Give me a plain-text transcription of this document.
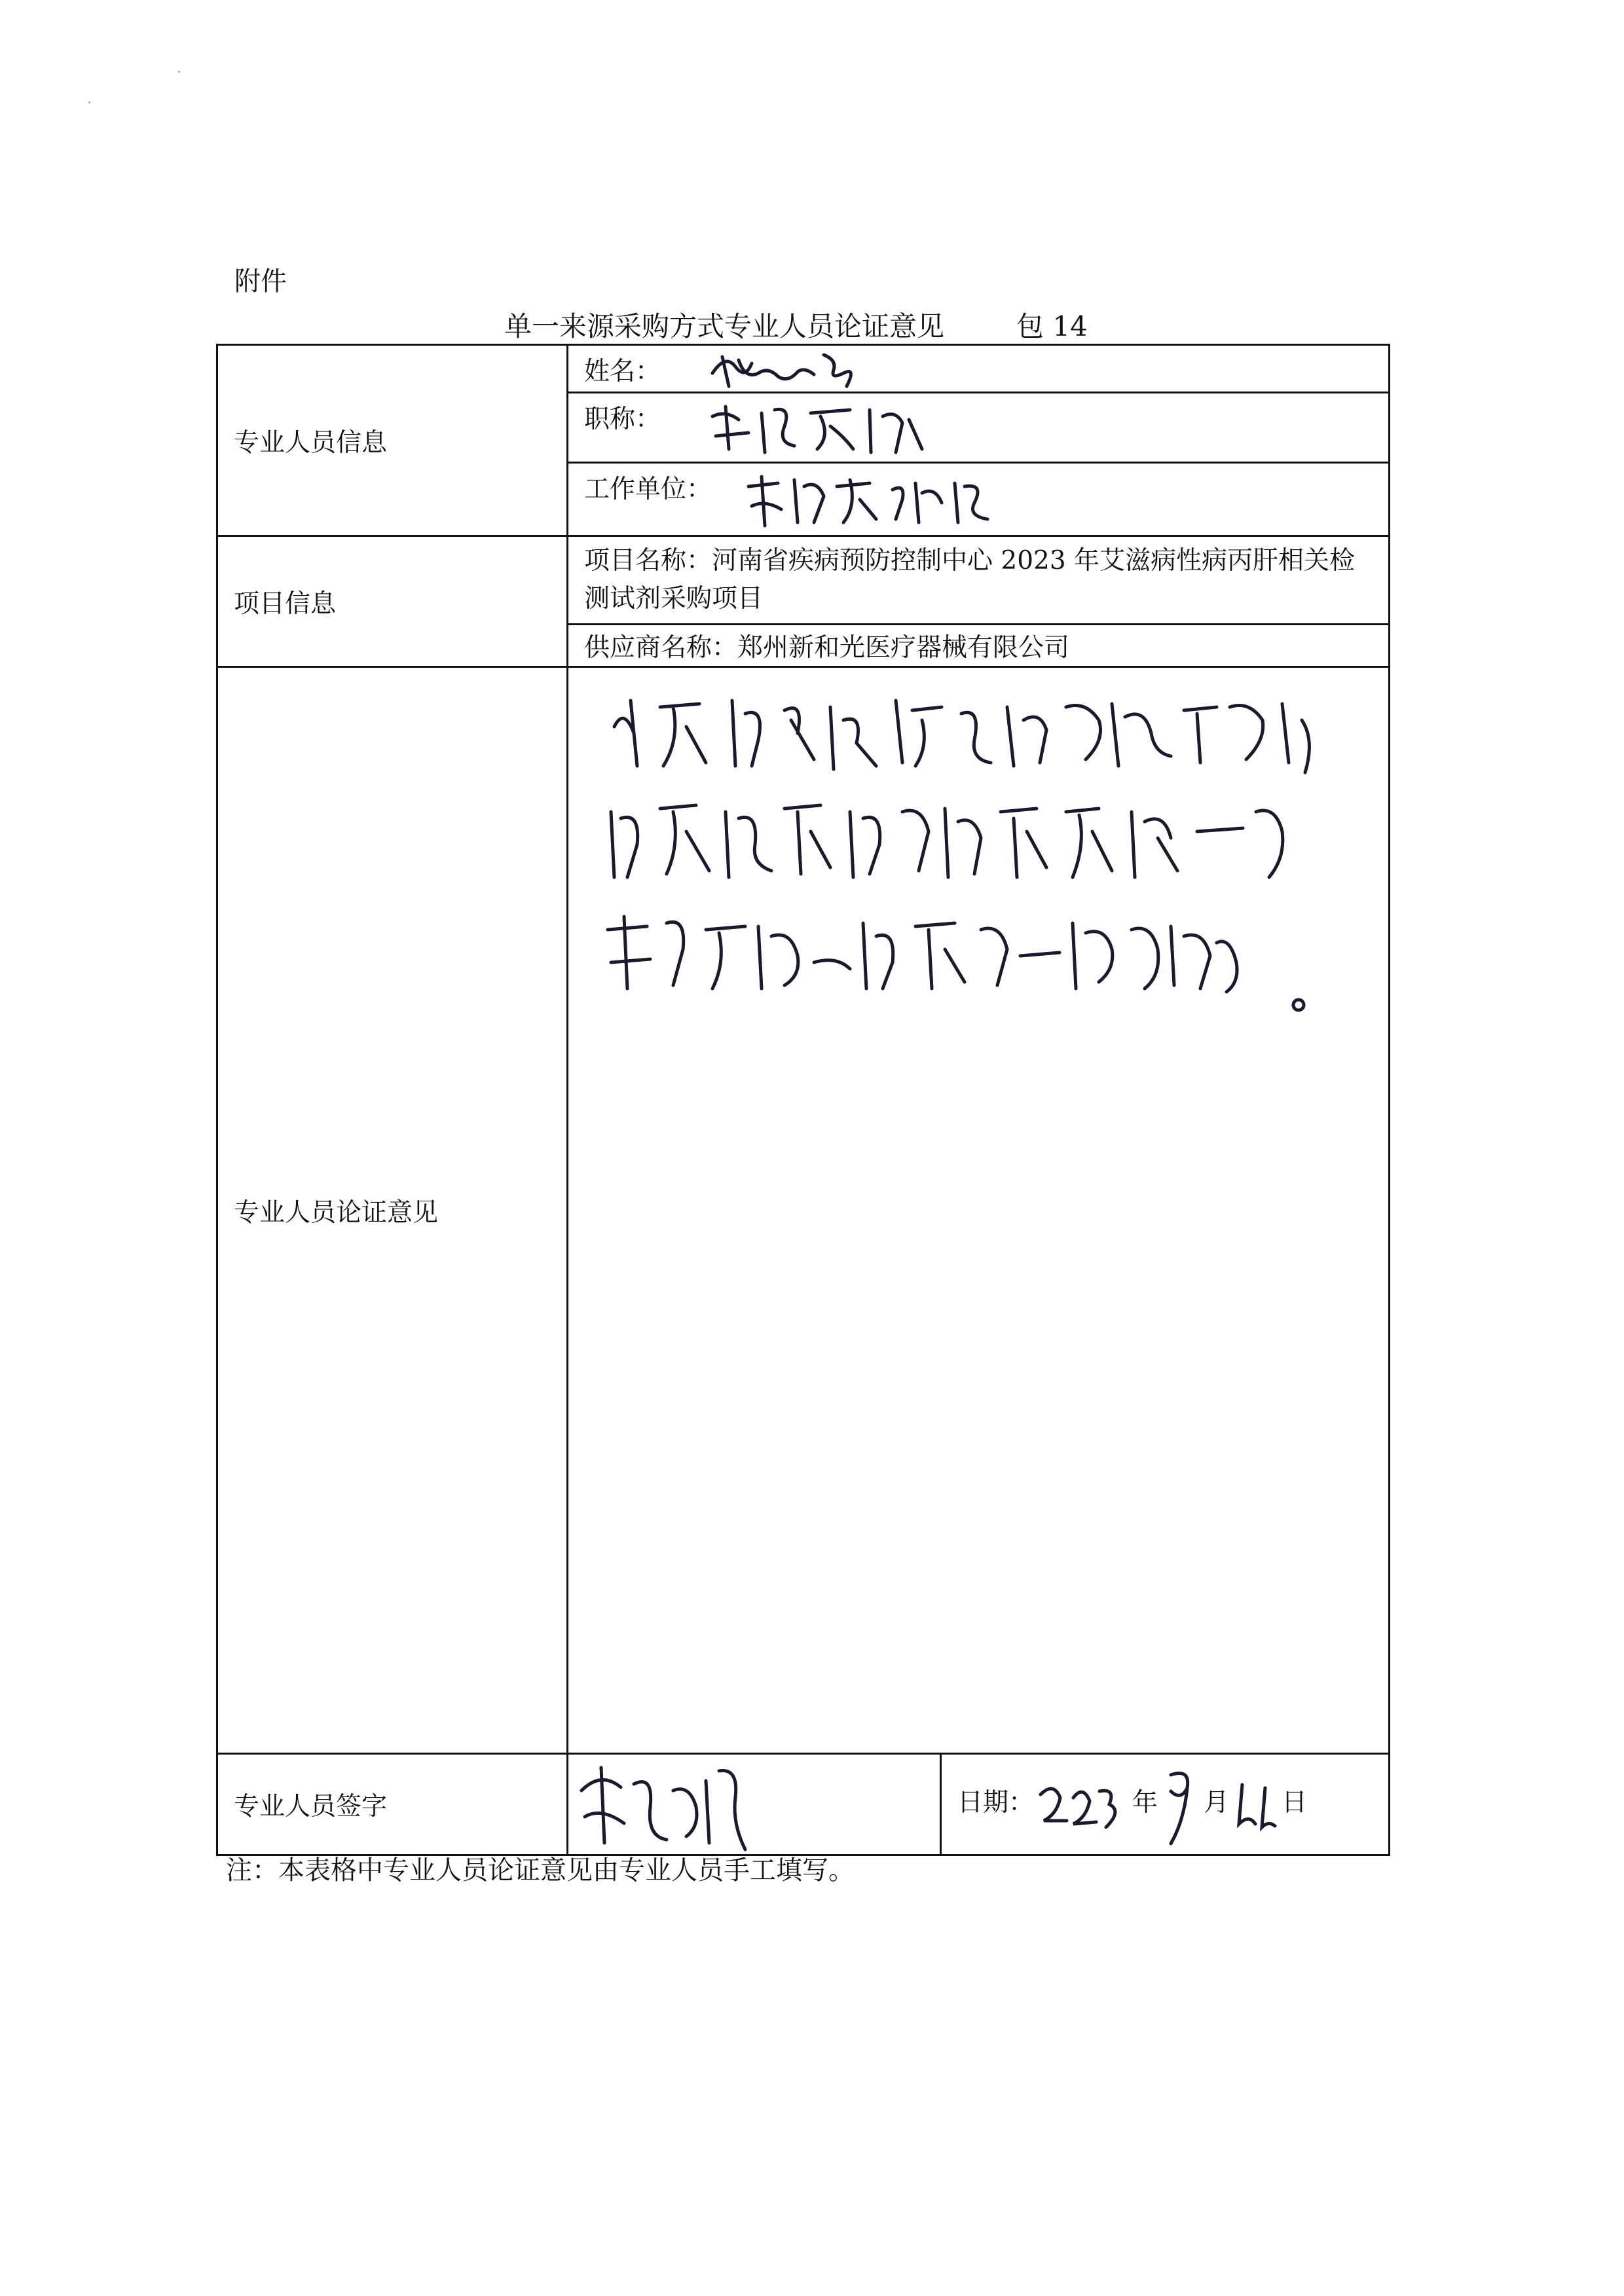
附件
单一来源采购方式专业人员论证意见	包 14
专业人员信息	姓名：	

	职称：	

	工作单位：	

项目信息	项目名称：河南省疾病预防控制中心 2023 年艾滋病性病丙肝相关检测试剂采购项目	
	供应商名称：郑州新和光医疗器械有限公司	
专业人员论证意见	

专业人员签字		日期： 年 月 日
注：本表格中专业人员论证意见由专业人员手工填写。
